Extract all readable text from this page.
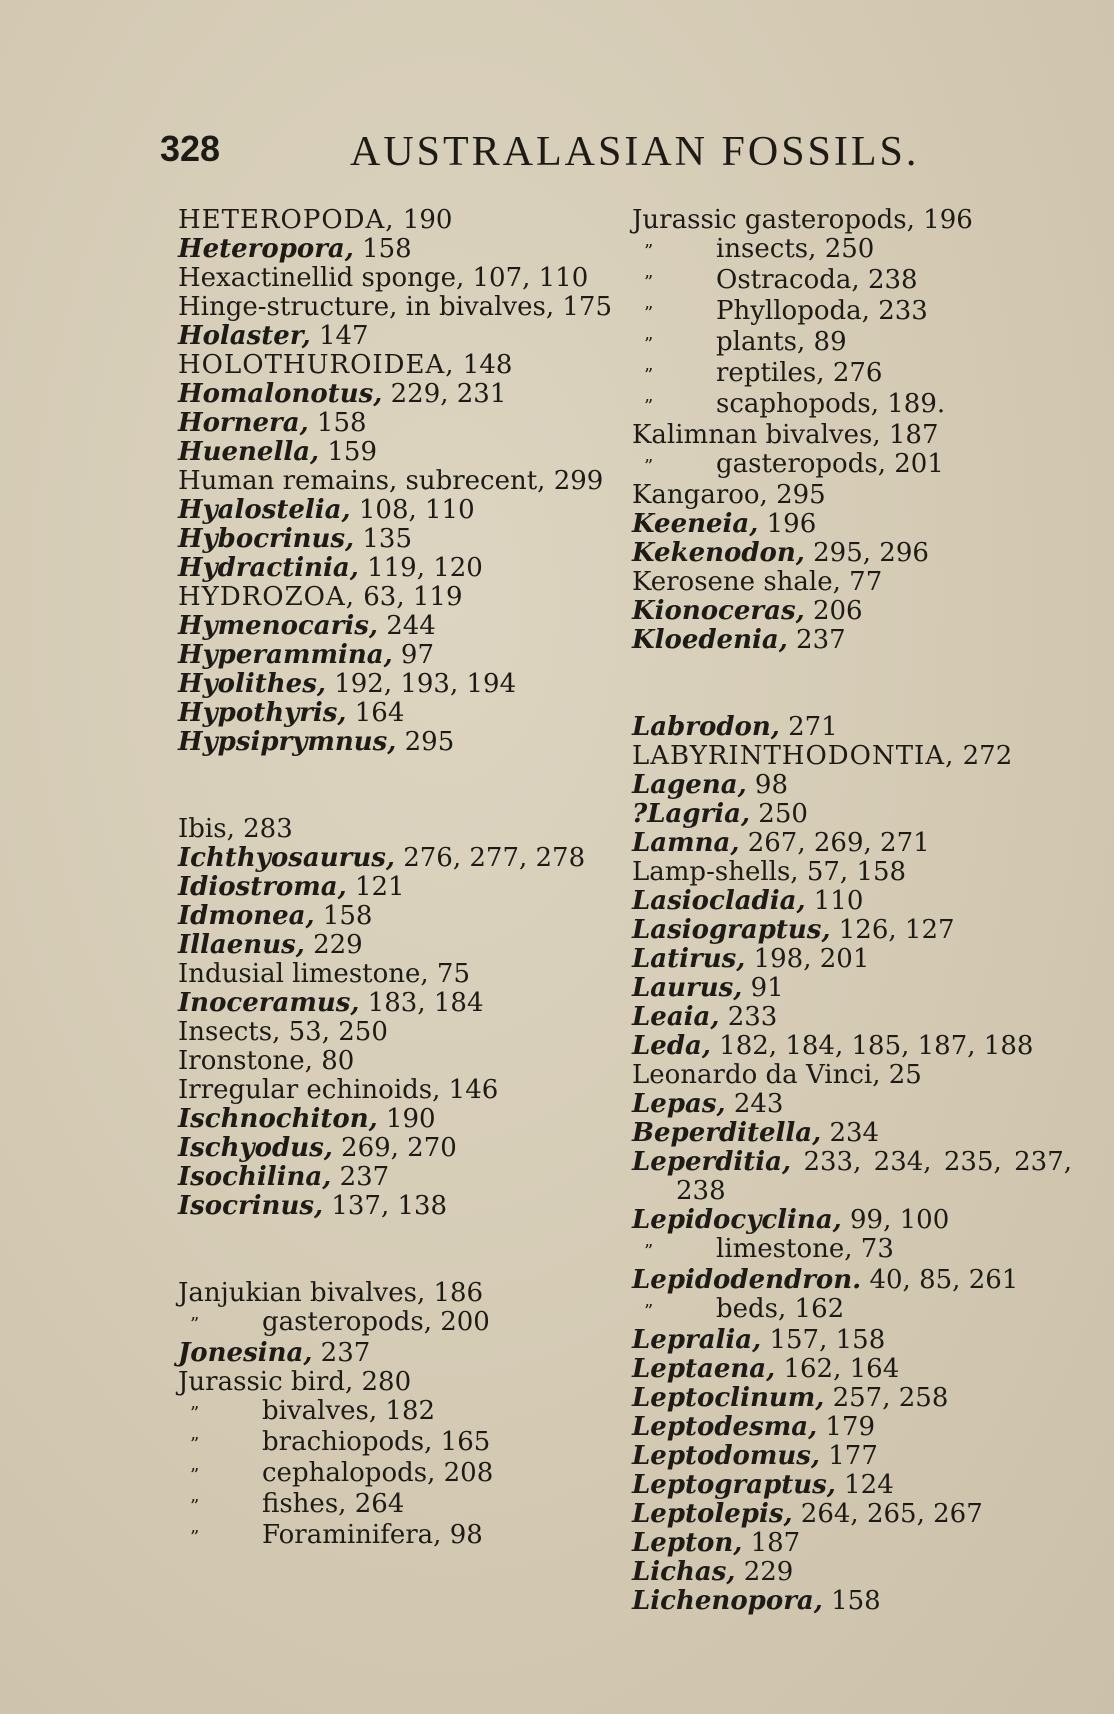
328	AUSTRALASIAN FOSSILS.
HETEROPODA, 190
Heteropora, 158
Hexactinellid sponge, 107, 110
Hinge-structure, in bivalves, 175
Holaster, 147
HOLOTHUROIDEA, 148
Homalonotus, 229, 231
Hornera, 158
Huenella, 159
Human remains, subrecent, 299
Hyalostelia, 108, 110
Hybocrinus, 135
Hydractinia, 119, 120
HYDROZOA, 63, 119
Hymenocaris, 244
Hyperammina, 97
Hyolithes, 192, 193, 194
Hypothyris, 164
Hypsiprymnus, 295
Ibis, 283
Ichthyosaurus, 276, 277, 278
Idiostroma, 121
Idmonea, 158
Illaenus, 229
Indusial limestone, 75
Inoceramus, 183, 184
Insects, 53, 250
Ironstone, 80
Irregular echinoids, 146
Ischnochiton, 190
Ischyodus, 269, 270
Isochilina, 237
Isocrinus, 137, 138
Janjukian bivalves, 186
” gasteropods, 200
Jonesina, 237
Jurassic bird, 280
” bivalves, 182
” brachiopods, 165
” cephalopods, 208
” fishes, 264
” Foraminifera, 98
Jurassic gasteropods, 196
” insects, 250
” Ostracoda, 238
” Phyllopoda, 233
” plants, 89
” reptiles, 276
” scaphopods, 189.
Kalimnan bivalves, 187
” gasteropods, 201
Kangaroo, 295
Keeneia, 196
Kekenodon, 295, 296
Kerosene shale, 77
Kionoceras, 206
Kloedenia, 237
Labrodon, 271
LABYRINTHODONTIA, 272
Lagena, 98
?Lagria, 250
Lamna, 267, 269, 271
Lamp-shells, 57, 158
Lasiocladia, 110
Lasiograptus, 126, 127
Latirus, 198, 201
Laurus, 91
Leaia, 233
Leda, 182, 184, 185, 187, 188
Leonardo da Vinci, 25
Lepas, 243
Beperditella, 234
Leperditia, 233, 234, 235, 237, 238
Lepidocyclina, 99, 100
” limestone, 73
Lepidodendron. 40, 85, 261
” beds, 162
Lepralia, 157, 158
Leptaena, 162, 164
Leptoclinum, 257, 258
Leptodesma, 179
Leptodomus, 177
Leptograptus, 124
Leptolepis, 264, 265, 267
Lepton, 187
Lichas, 229
Lichenopora, 158
